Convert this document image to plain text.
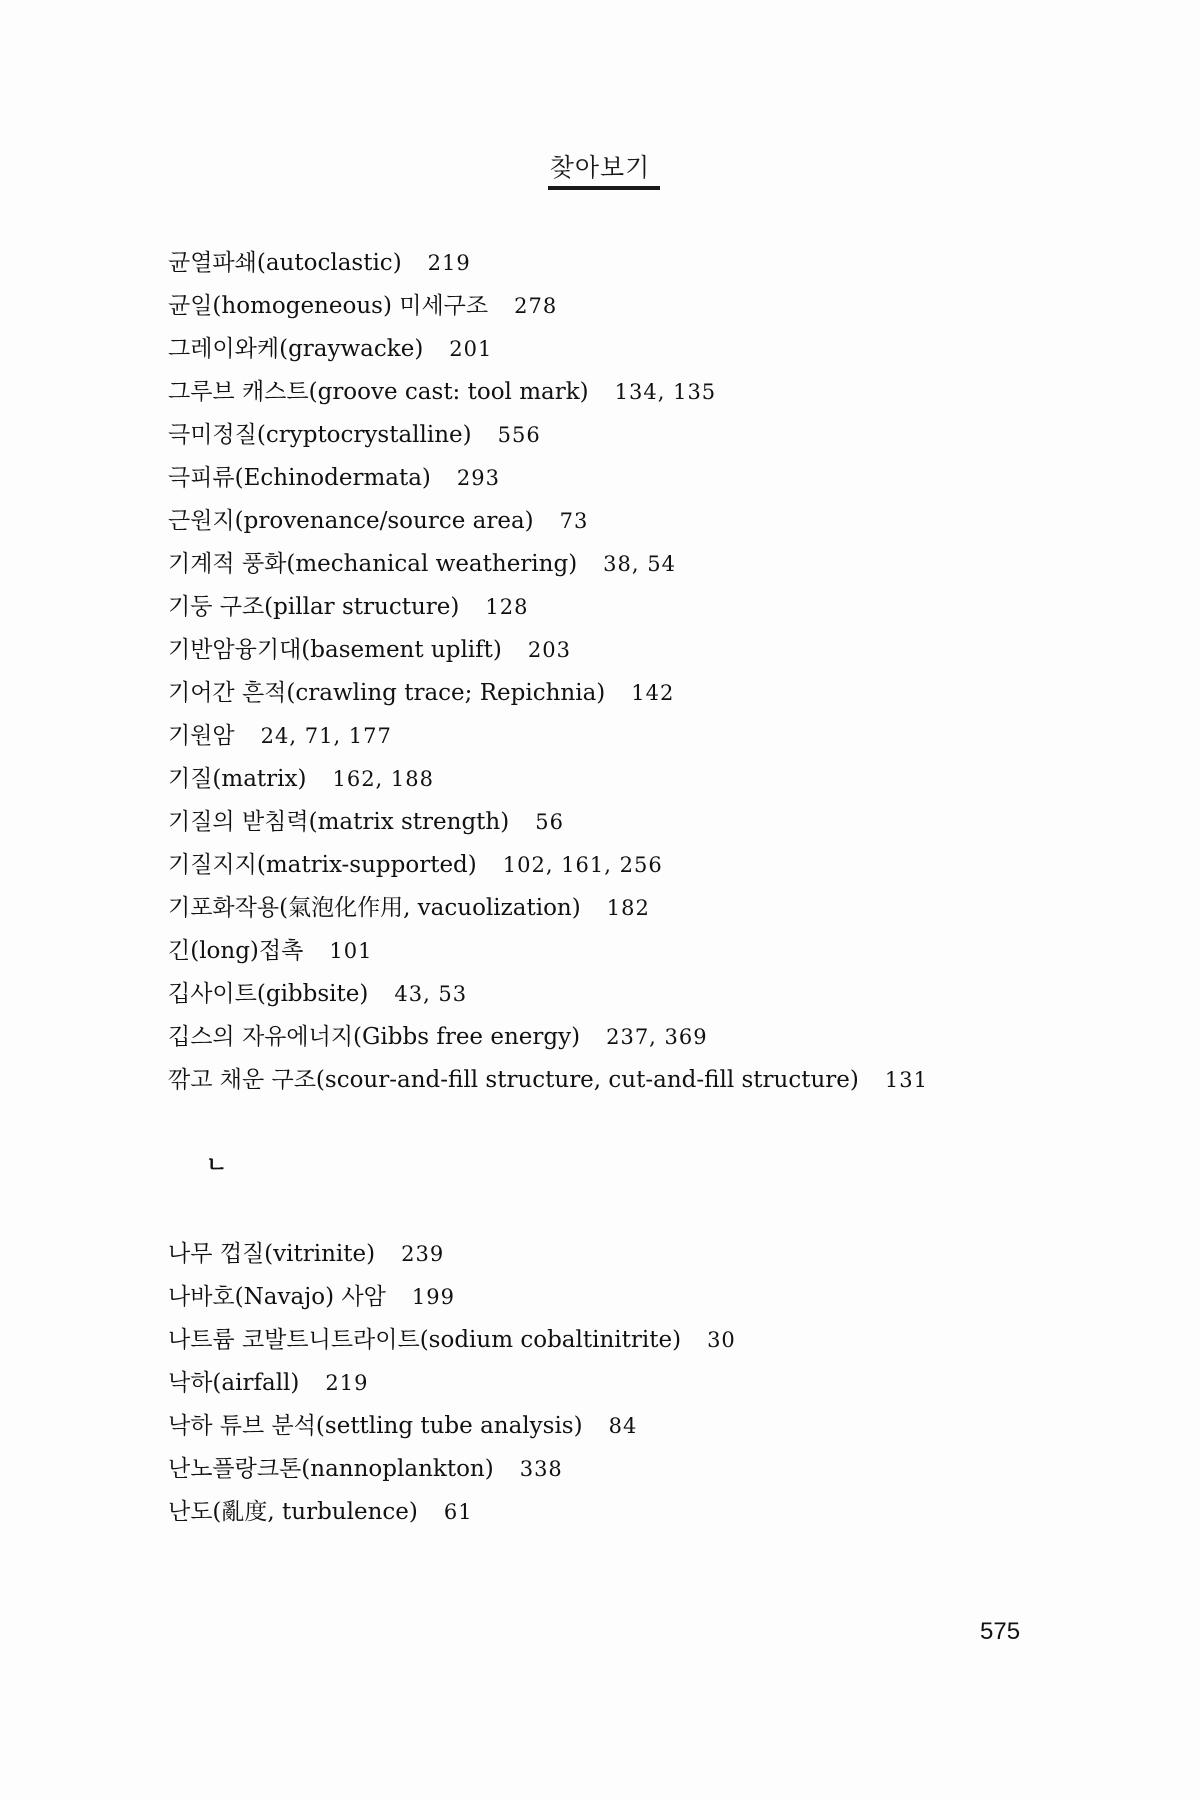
찾아보기
균열파쇄(autoclastic) 219
균일(homogeneous) 미세구조 278
그레이와케(graywacke) 201
그루브 캐스트(groove cast: tool mark) 134, 135
극미정질(cryptocrystalline) 556
극피류(Echinodermata) 293
근원지(provenance/source area) 73
기계적 풍화(mechanical weathering) 38, 54
기둥 구조(pillar structure) 128
기반암융기대(basement uplift) 203
기어간 흔적(crawling trace; Repichnia) 142
기원암 24, 71, 177
기질(matrix) 162, 188
기질의 받침력(matrix strength) 56
기질지지(matrix-supported) 102, 161, 256
기포화작용(氣泡化作用, vacuolization) 182
긴(long)접촉 101
깁사이트(gibbsite) 43, 53
깁스의 자유에너지(Gibbs free energy) 237, 369
깎고 채운 구조(scour-and-fill structure, cut-and-fill structure) 131
ㄴ
나무 껍질(vitrinite) 239
나바호(Navajo) 사암 199
나트륨 코발트니트라이트(sodium cobaltinitrite) 30
낙하(airfall) 219
낙하 튜브 분석(settling tube analysis) 84
난노플랑크톤(nannoplankton) 338
난도(亂度, turbulence) 61
575
